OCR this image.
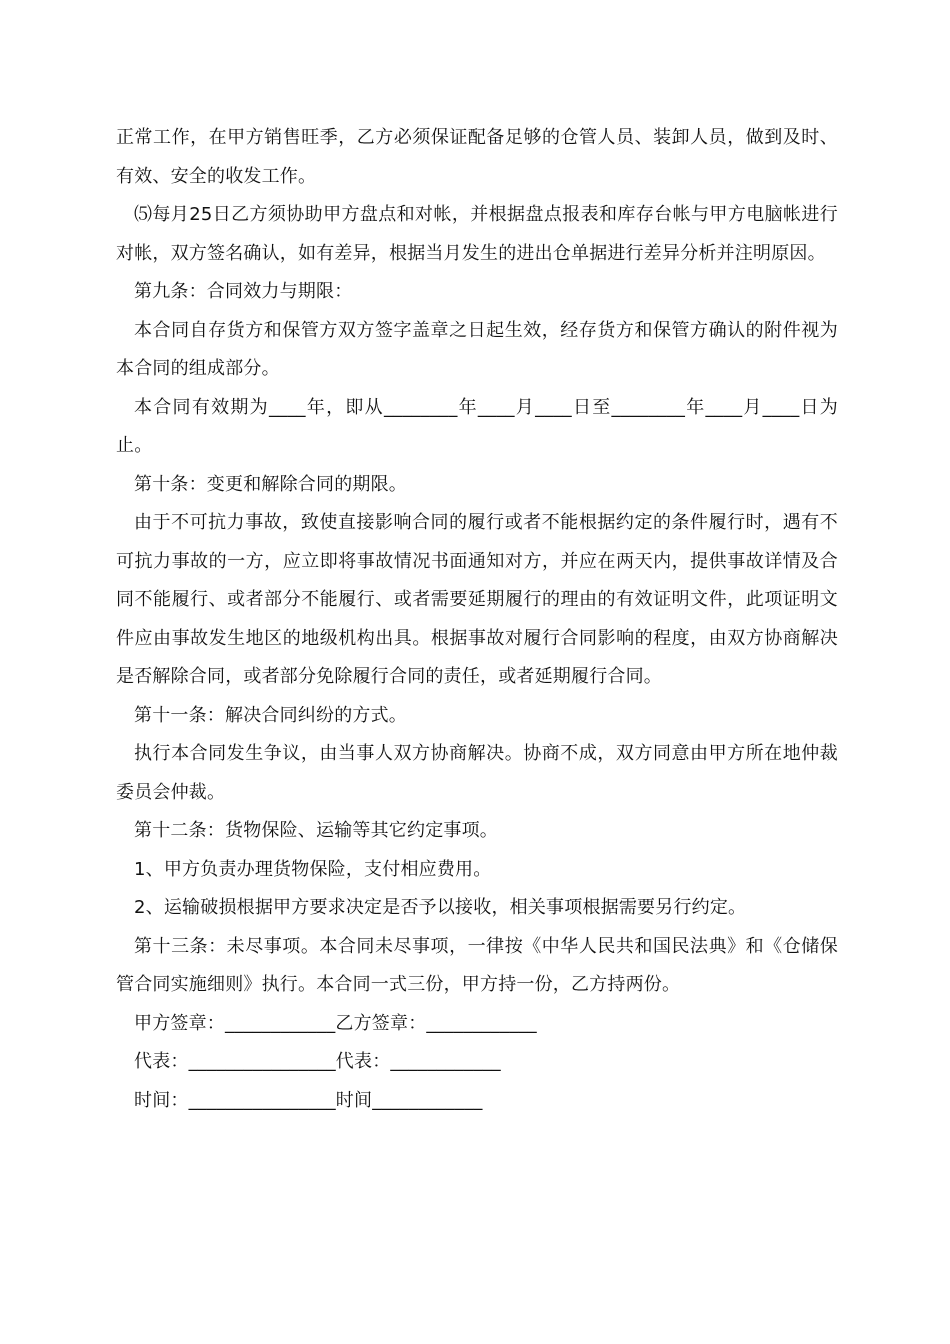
正常工作，在甲方销售旺季，乙方必须保证配备足够的仓管人员、装卸人员，做到及时、有效、安全的收发工作。

⑸每月25日乙方须协助甲方盘点和对帐，并根据盘点报表和库存台帐与甲方电脑帐进行对帐，双方签名确认，如有差异，根据当月发生的进出仓单据进行差异分析并注明原因。

第九条：合同效力与期限：

本合同自存货方和保管方双方签字盖章之日起生效，经存货方和保管方确认的附件视为本合同的组成部分。

本合同有效期为____年，即从________年____月____日至________年____月____日为止。

第十条：变更和解除合同的期限。

由于不可抗力事故，致使直接影响合同的履行或者不能根据约定的条件履行时，遇有不可抗力事故的一方，应立即将事故情况书面通知对方，并应在两天内，提供事故详情及合同不能履行、或者部分不能履行、或者需要延期履行的理由的有效证明文件，此项证明文件应由事故发生地区的地级机构出具。根据事故对履行合同影响的程度，由双方协商解决是否解除合同，或者部分免除履行合同的责任，或者延期履行合同。

第十一条：解决合同纠纷的方式。

执行本合同发生争议，由当事人双方协商解决。协商不成，双方同意由甲方所在地仲裁委员会仲裁。

第十二条：货物保险、运输等其它约定事项。

1、甲方负责办理货物保险，支付相应费用。

2、运输破损根据甲方要求决定是否予以接收，相关事项根据需要另行约定。

第十三条：未尽事项。本合同未尽事项，一律按《中华人民共和国民法典》和《仓储保管合同实施细则》执行。本合同一式三份，甲方持一份，乙方持两份。

甲方签章：____________乙方签章：____________

代表：________________代表：____________

时间：________________时间____________
